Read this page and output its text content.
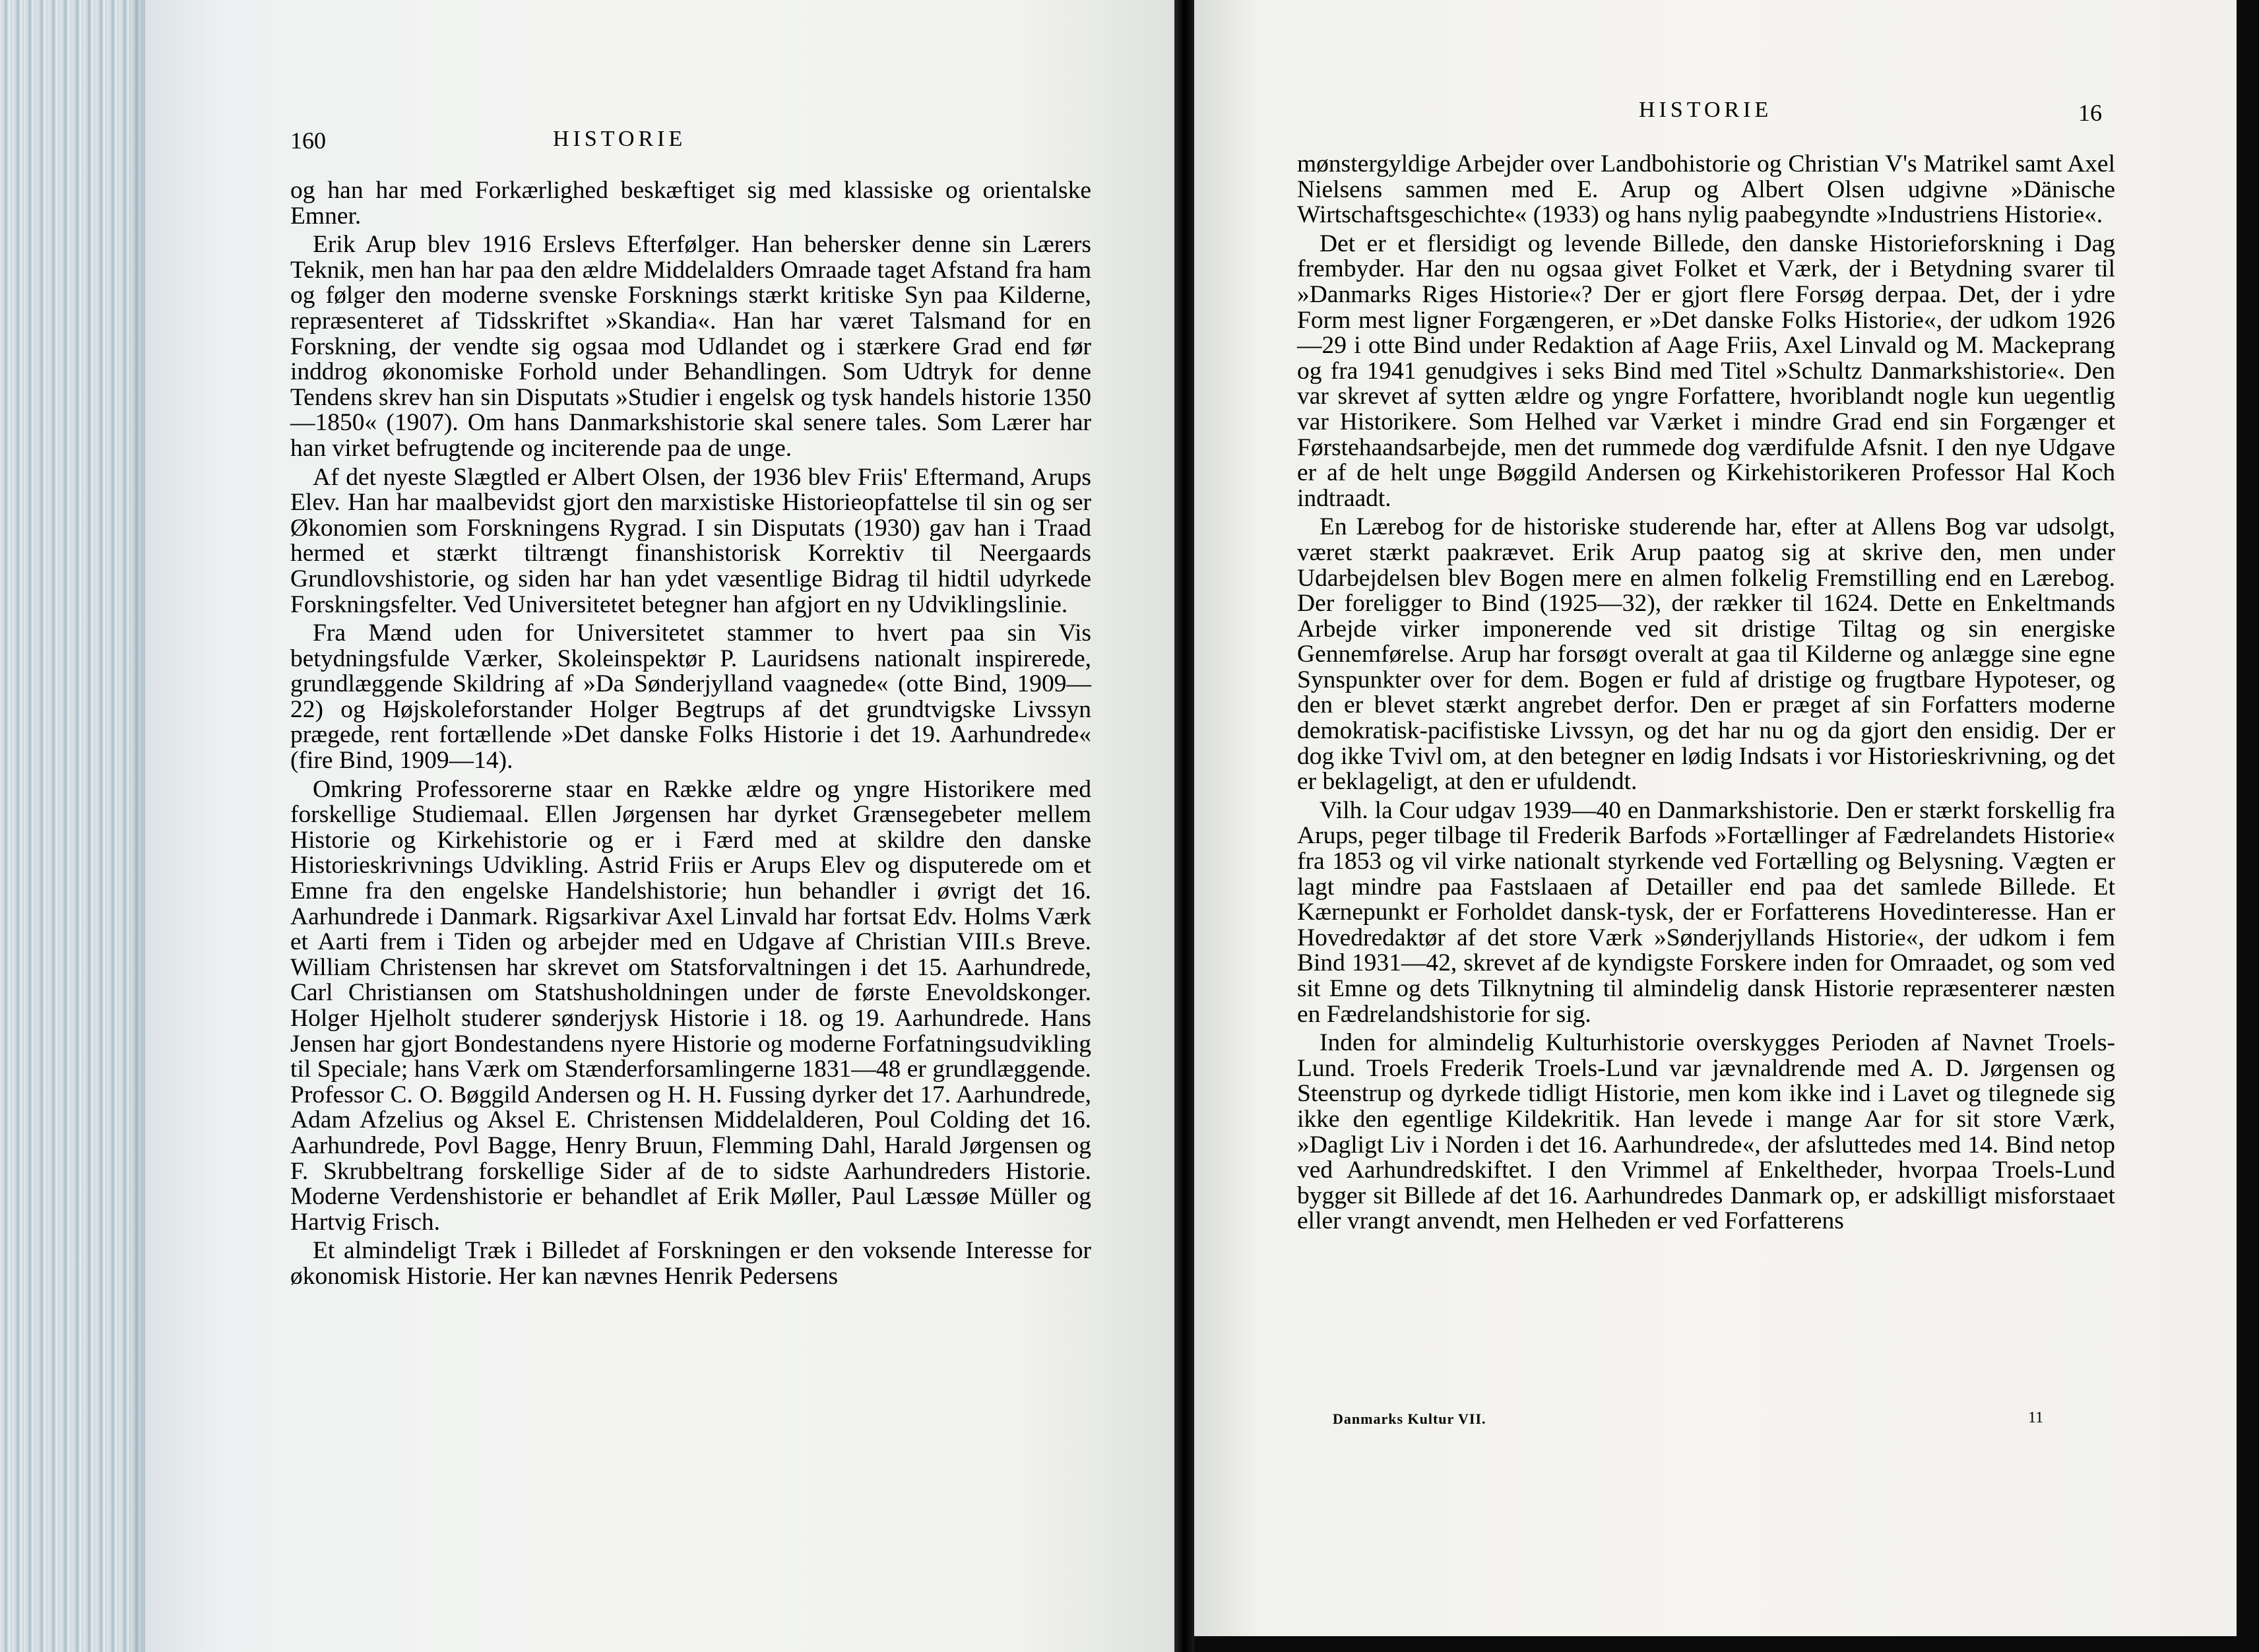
160	HISTORIE

og han har med Forkærlighed beskæftiget sig med klassiske og orientalske Emner.

Erik Arup blev 1916 Erslevs Efterfølger. Han behersker denne sin Lærers Teknik, men han har paa den ældre Middelalders Omraade taget Afstand fra ham og følger den moderne svenske Forsknings stærkt kritiske Syn paa Kilderne, repræsenteret af Tidsskriftet »Skandia«. Han har været Talsmand for en Forskning, der vendte sig ogsaa mod Udlandet og i stærkere Grad end før inddrog økonomiske Forhold under Behandlingen. Som Udtryk for denne Tendens skrev han sin Disputats »Studier i engelsk og tysk handels historie 1350—1850« (1907). Om hans Danmarkshistorie skal senere tales. Som Lærer har han virket befrugtende og inciterende paa de unge.

Af det nyeste Slægtled er Albert Olsen, der 1936 blev Friis' Eftermand, Arups Elev. Han har maalbevidst gjort den marxistiske Historieopfattelse til sin og ser Økonomien som Forskningens Rygrad. I sin Disputats (1930) gav han i Traad hermed et stærkt tiltrængt finanshistorisk Korrektiv til Neergaards Grundlovshistorie, og siden har han ydet væsentlige Bidrag til hidtil udyrkede Forskningsfelter. Ved Universitetet betegner han afgjort en ny Udviklingslinie.

Fra Mænd uden for Universitetet stammer to hvert paa sin Vis betydningsfulde Værker, Skoleinspektør P. Lauridsens nationalt inspirerede, grundlæggende Skildring af »Da Sønderjylland vaagnede« (otte Bind, 1909—22) og Højskoleforstander Holger Begtrups af det grundtvigske Livssyn prægede, rent fortællende »Det danske Folks Historie i det 19. Aarhundrede« (fire Bind, 1909—14).

Omkring Professorerne staar en Række ældre og yngre Historikere med forskellige Studiemaal. Ellen Jørgensen har dyrket Grænsegebeter mellem Historie og Kirkehistorie og er i Færd med at skildre den danske Historieskrivnings Udvikling. Astrid Friis er Arups Elev og disputerede om et Emne fra den engelske Handelshistorie; hun behandler i øvrigt det 16. Aarhundrede i Danmark. Rigsarkivar Axel Linvald har fortsat Edv. Holms Værk et Aarti frem i Tiden og arbejder med en Udgave af Christian VIII.s Breve. William Christensen har skrevet om Statsforvaltningen i det 15. Aarhundrede, Carl Christiansen om Statshusholdningen under de første Enevoldskonger. Holger Hjelholt studerer sønderjysk Historie i 18. og 19. Aarhundrede. Hans Jensen har gjort Bondestandens nyere Historie og moderne Forfatningsudvikling til Speciale; hans Værk om Stænderforsamlingerne 1831—48 er grundlæggende. Professor C. O. Bøggild Andersen og H. H. Fussing dyrker det 17. Aarhundrede, Adam Afzelius og Aksel E. Christensen Middelalderen, Poul Colding det 16. Aarhundrede, Povl Bagge, Henry Bruun, Flemming Dahl, Harald Jørgensen og F. Skrubbeltrang forskellige Sider af de to sidste Aarhundreders Historie. Moderne Verdenshistorie er behandlet af Erik Møller, Paul Læssøe Müller og Hartvig Frisch.

Et almindeligt Træk i Billedet af Forskningen er den voksende Interesse for økonomisk Historie. Her kan nævnes Henrik Pedersens

HISTORIE	16

mønstergyldige Arbejder over Landbohistorie og Christian V's Matrikel samt Axel Nielsens sammen med E. Arup og Albert Olsen udgivne »Dänische Wirtschaftsgeschichte« (1933) og hans nylig paabegyndte »Industriens Historie«.

Det er et flersidigt og levende Billede, den danske Historieforskning i Dag frembyder. Har den nu ogsaa givet Folket et Værk, der i Betydning svarer til »Danmarks Riges Historie«? Der er gjort flere Forsøg derpaa. Det, der i ydre Form mest ligner Forgængeren, er »Det danske Folks Historie«, der udkom 1926—29 i otte Bind under Redaktion af Aage Friis, Axel Linvald og M. Mackeprang og fra 1941 genudgives i seks Bind med Titel »Schultz Danmarkshistorie«. Den var skrevet af sytten ældre og yngre Forfattere, hvoriblandt nogle kun uegentlig var Historikere. Som Helhed var Værket i mindre Grad end sin Forgænger et Førstehaandsarbejde, men det rummede dog værdifulde Afsnit. I den nye Udgave er af de helt unge Bøggild Andersen og Kirkehistorikeren Professor Hal Koch indtraadt.

En Lærebog for de historiske studerende har, efter at Allens Bog var udsolgt, været stærkt paakrævet. Erik Arup paatog sig at skrive den, men under Udarbejdelsen blev Bogen mere en almen folkelig Fremstilling end en Lærebog. Der foreligger to Bind (1925—32), der rækker til 1624. Dette en Enkeltmands Arbejde virker imponerende ved sit dristige Tiltag og sin energiske Gennemførelse. Arup har forsøgt overalt at gaa til Kilderne og anlægge sine egne Synspunkter over for dem. Bogen er fuld af dristige og frugtbare Hypoteser, og den er blevet stærkt angrebet derfor. Den er præget af sin Forfatters moderne demokratisk-pacifistiske Livssyn, og det har nu og da gjort den ensidig. Der er dog ikke Tvivl om, at den betegner en lødig Indsats i vor Historieskrivning, og det er beklageligt, at den er ufuldendt.

Vilh. la Cour udgav 1939—40 en Danmarkshistorie. Den er stærkt forskellig fra Arups, peger tilbage til Frederik Barfods »Fortællinger af Fædrelandets Historie« fra 1853 og vil virke nationalt styrkende ved Fortælling og Belysning. Vægten er lagt mindre paa Fastslaaen af Detailler end paa det samlede Billede. Et Kærnepunkt er Forholdet dansk-tysk, der er Forfatterens Hovedinteresse. Han er Hovedredaktør af det store Værk »Sønderjyllands Historie«, der udkom i fem Bind 1931—42, skrevet af de kyndigste Forskere inden for Omraadet, og som ved sit Emne og dets Tilknytning til almindelig dansk Historie repræsenterer næsten en Fædrelandshistorie for sig.

Inden for almindelig Kulturhistorie overskygges Perioden af Navnet Troels-Lund. Troels Frederik Troels-Lund var jævnaldrende med A. D. Jørgensen og Steenstrup og dyrkede tidligt Historie, men kom ikke ind i Lavet og tilegnede sig ikke den egentlige Kildekritik. Han levede i mange Aar for sit store Værk, »Dagligt Liv i Norden i det 16. Aarhundrede«, der afsluttedes med 14. Bind netop ved Aarhundredskiftet. I den Vrimmel af Enkeltheder, hvorpaa Troels-Lund bygger sit Billede af det 16. Aarhundredes Danmark op, er adskilligt misforstaaet eller vrangt anvendt, men Helheden er ved Forfatterens

Danmarks Kultur VII.	11
